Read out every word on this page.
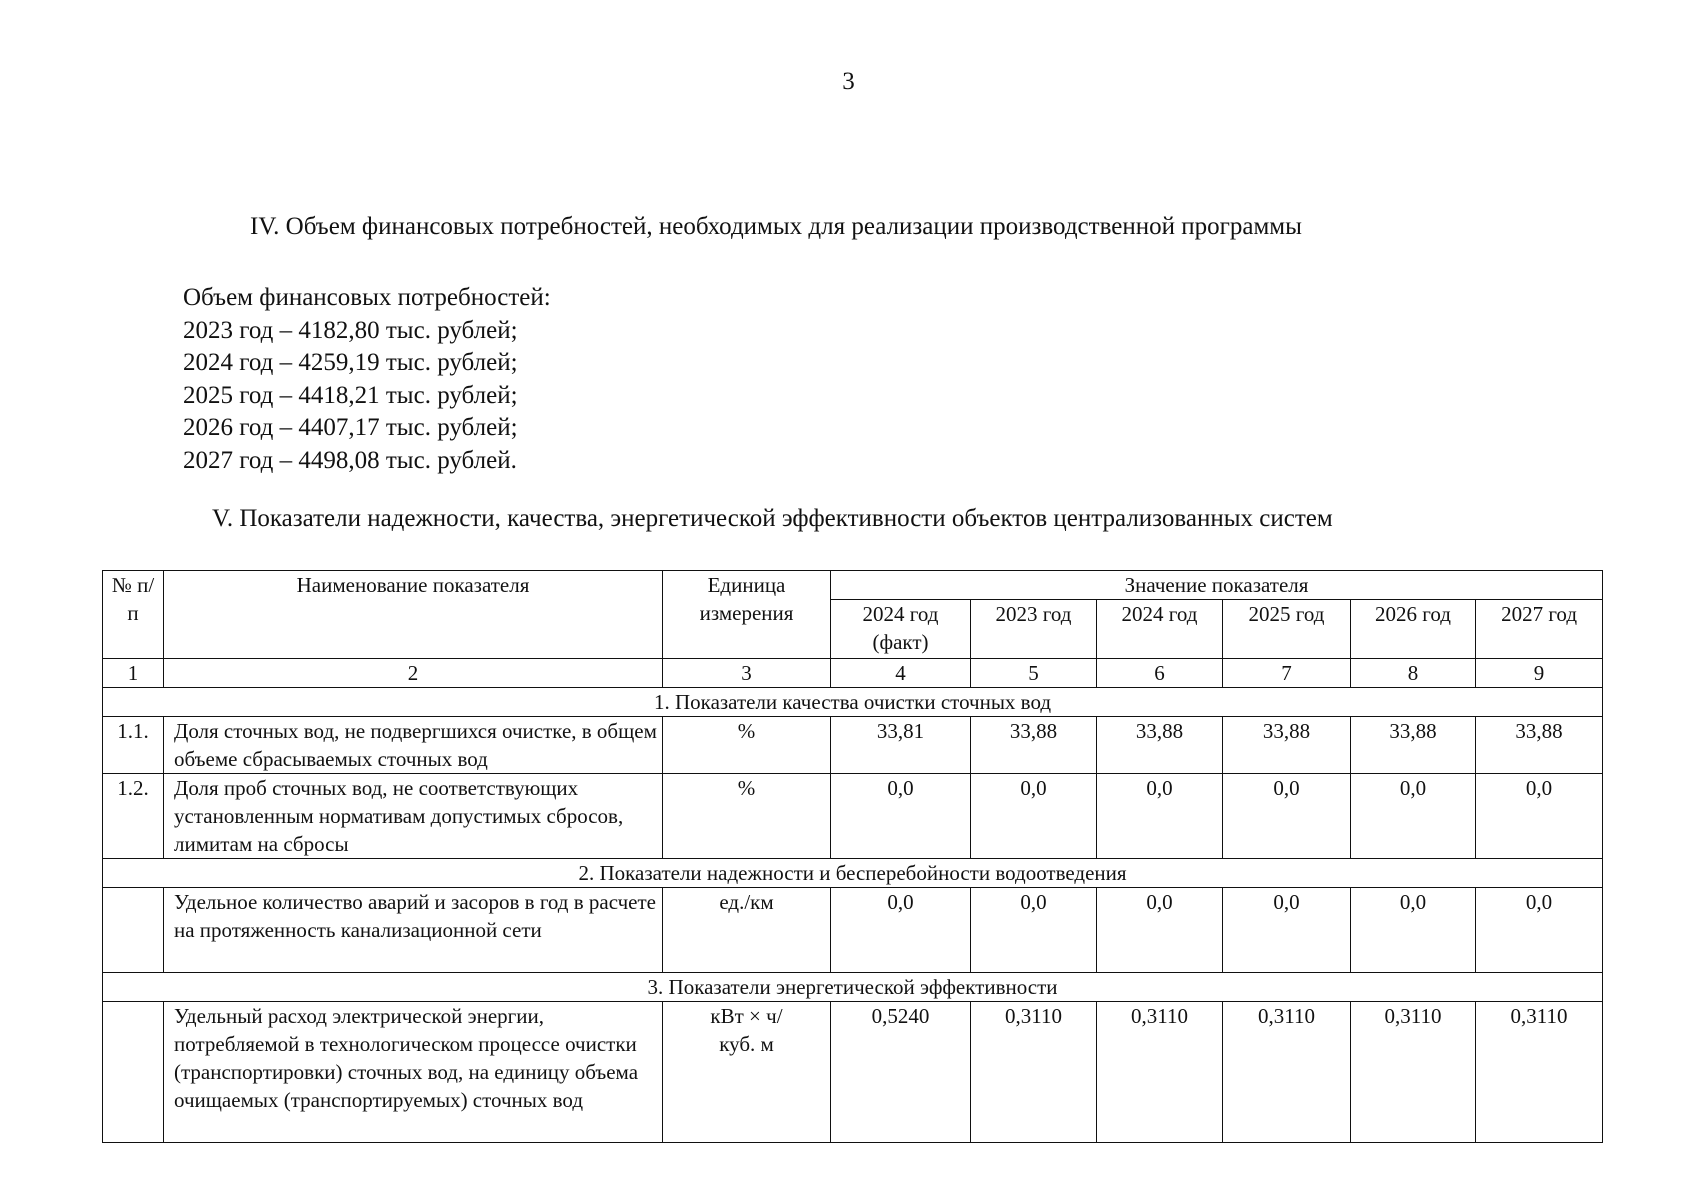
3
IV. Объем финансовых потребностей, необходимых для реализации производственной программы
Объем финансовых потребностей:
2023 год – 4182,80 тыс. рублей;
2024 год – 4259,19 тыс. рублей;
2025 год – 4418,21 тыс. рублей;
2026 год – 4407,17 тыс. рублей;
2027 год – 4498,08 тыс. рублей.
V. Показатели надежности, качества, энергетической эффективности объектов централизованных систем
№ п/п	Наименование показателя	Единица измерения	Значение показателя					
			2024 год (факт)	2023 год	2024 год	2025 год	2026 год	2027 год
1	2	3	4	5	6	7	8	9
1. Показатели качества очистки сточных вод								
1.1.	Доля сточных вод, не подвергшихся очистке, в общем объеме сбрасываемых сточных вод	%	33,81	33,88	33,88	33,88	33,88	33,88
1.2.	Доля проб сточных вод, не соответствующих установленным нормативам допустимых сбросов, лимитам на сбросы	%	0,0	0,0	0,0	0,0	0,0	0,0
2. Показатели надежности и бесперебойности водоотведения								
	Удельное количество аварий и засоров в год в расчете на протяженность канализационной сети	ед./км	0,0	0,0	0,0	0,0	0,0	0,0
3. Показатели энергетической эффективности								
	Удельный расход электрической энергии, потребляемой в технологическом процессе очистки (транспортировки) сточных вод, на единицу объема очищаемых (транспортируемых) сточных вод	кВт × ч/ куб. м	0,5240	0,3110	0,3110	0,3110	0,3110	0,3110
